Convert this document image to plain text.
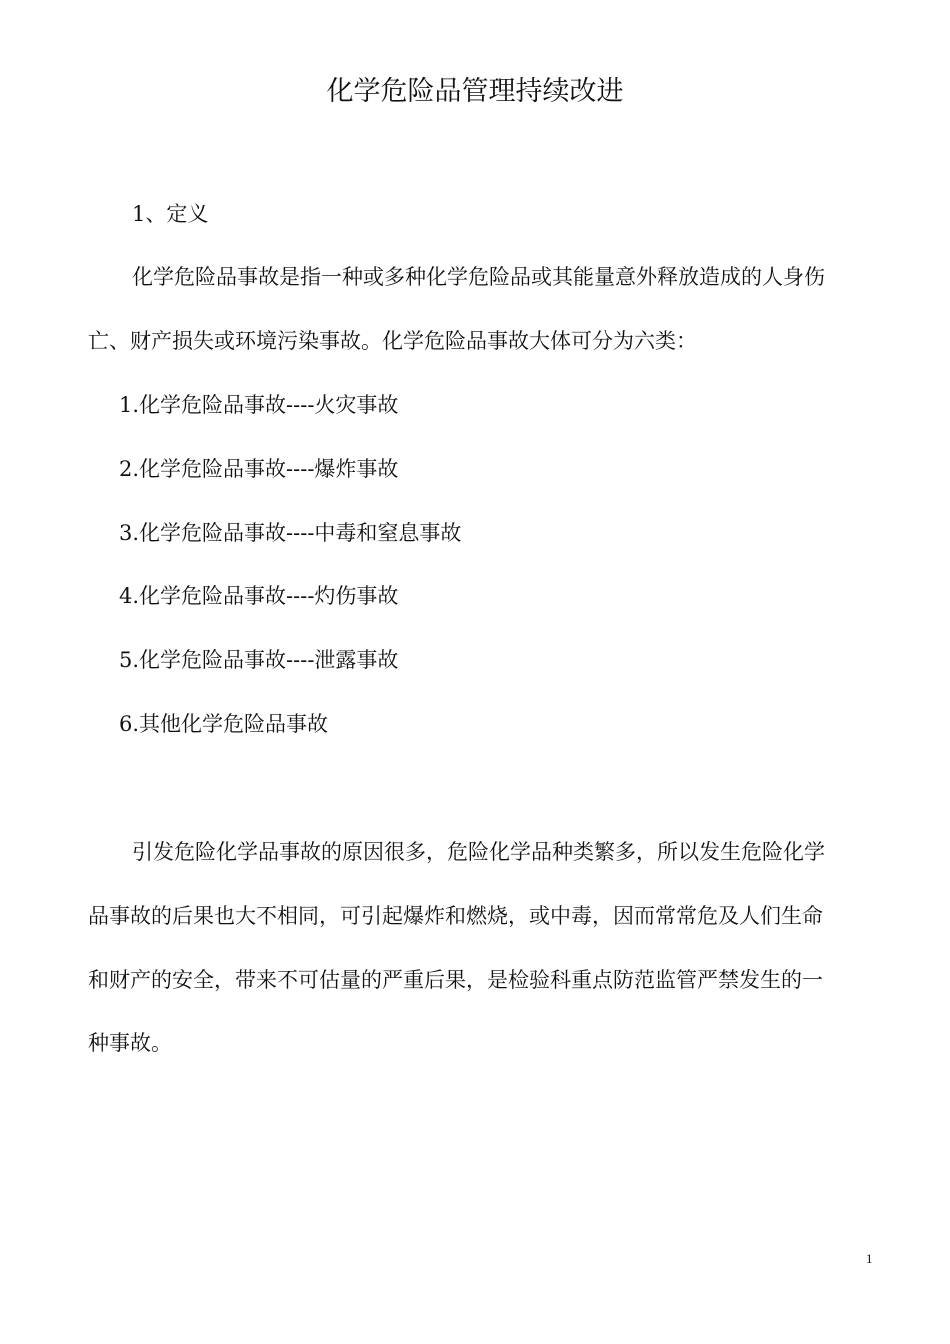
化学危险品管理持续改进
1、定义
化学危险品事故是指一种或多种化学危险品或其能量意外释放造成的人身伤
亡、财产损失或环境污染事故。化学危险品事故大体可分为六类：
1.化学危险品事故----火灾事故
2.化学危险品事故----爆炸事故
3.化学危险品事故----中毒和窒息事故
4.化学危险品事故----灼伤事故
5.化学危险品事故----泄露事故
6.其他化学危险品事故
引发危险化学品事故的原因很多，危险化学品种类繁多，所以发生危险化学
品事故的后果也大不相同，可引起爆炸和燃烧，或中毒，因而常常危及人们生命
和财产的安全，带来不可估量的严重后果，是检验科重点防范监管严禁发生的一
种事故。
1
